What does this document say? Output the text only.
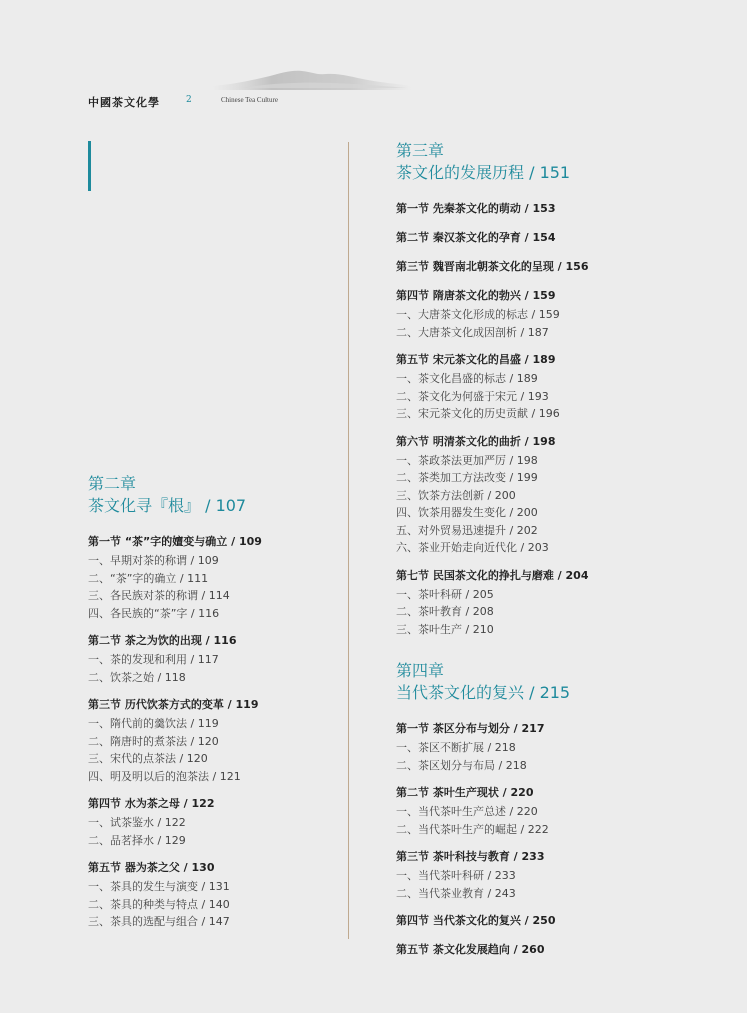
中國茶文化學	2	Chinese Tea Culture
第二章
茶文化寻『根』 / 107
第一节 “茶”字的嬗变与确立 / 109
一、早期对茶的称谓 / 109
二、“茶”字的确立 / 111
三、各民族对茶的称谓 / 114
四、各民族的“茶”字 / 116
第二节 茶之为饮的出现 / 116
一、茶的发现和利用 / 117
二、饮茶之始 / 118
第三节 历代饮茶方式的变革 / 119
一、隋代前的羹饮法 / 119
二、隋唐时的煮茶法 / 120
三、宋代的点茶法 / 120
四、明及明以后的泡茶法 / 121
第四节 水为茶之母 / 122
一、试茶鉴水 / 122
二、品茗择水 / 129
第五节 器为茶之父 / 130
一、茶具的发生与演变 / 131
二、茶具的种类与特点 / 140
三、茶具的选配与组合 / 147
第三章
茶文化的发展历程 / 151
第一节 先秦茶文化的萌动 / 153
第二节 秦汉茶文化的孕育 / 154
第三节 魏晋南北朝茶文化的呈现 / 156
第四节 隋唐茶文化的勃兴 / 159
一、大唐茶文化形成的标志 / 159
二、大唐茶文化成因剖析 / 187
第五节 宋元茶文化的昌盛 / 189
一、茶文化昌盛的标志 / 189
二、茶文化为何盛于宋元 / 193
三、宋元茶文化的历史贡献 / 196
第六节 明清茶文化的曲折 / 198
一、茶政茶法更加严厉 / 198
二、茶类加工方法改变 / 199
三、饮茶方法创新 / 200
四、饮茶用器发生变化 / 200
五、对外贸易迅速提升 / 202
六、茶业开始走向近代化 / 203
第七节 民国茶文化的挣扎与磨难 / 204
一、茶叶科研 / 205
二、茶叶教育 / 208
三、茶叶生产 / 210
第四章
当代茶文化的复兴 / 215
第一节 茶区分布与划分 / 217
一、茶区不断扩展 / 218
二、茶区划分与布局 / 218
第二节 茶叶生产现状 / 220
一、当代茶叶生产总述 / 220
二、当代茶叶生产的崛起 / 222
第三节 茶叶科技与教育 / 233
一、当代茶叶科研 / 233
二、当代茶业教育 / 243
第四节 当代茶文化的复兴 / 250
第五节 茶文化发展趋向 / 260
